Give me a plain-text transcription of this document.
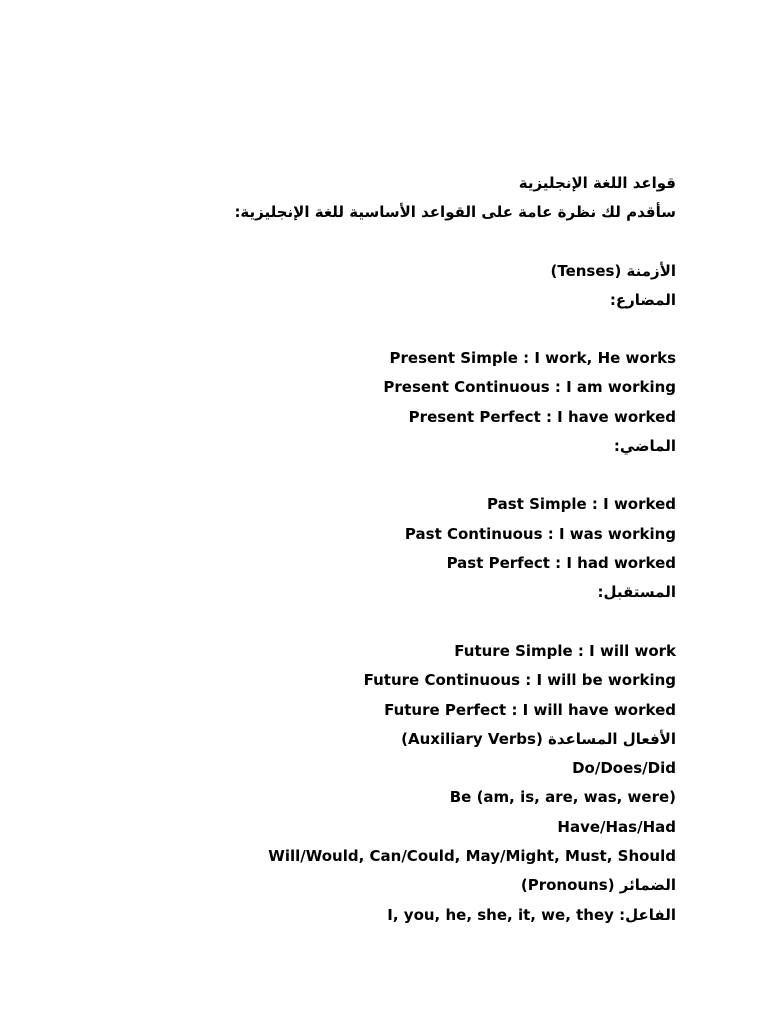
قواعد اللغة الإنجليزية
سأقدم لك نظرة عامة على القواعد الأساسية للغة الإنجليزية:
الأزمنة (Tenses)
المضارع:
Present Simple : I work, He works
Present Continuous : I am working
Present Perfect : I have worked
الماضي:
Past Simple : I worked
Past Continuous : I was working
Past Perfect : I had worked
المستقبل:
Future Simple : I will work
Future Continuous : I will be working
Future Perfect : I will have worked
الأفعال المساعدة (Auxiliary Verbs)
Do/Does/Did
Be (am, is, are, was, were)
Have/Has/Had
Will/Would, Can/Could, May/Might, Must, Should
الضمائر (Pronouns)
الفاعل: I, you, he, she, it, we, they
